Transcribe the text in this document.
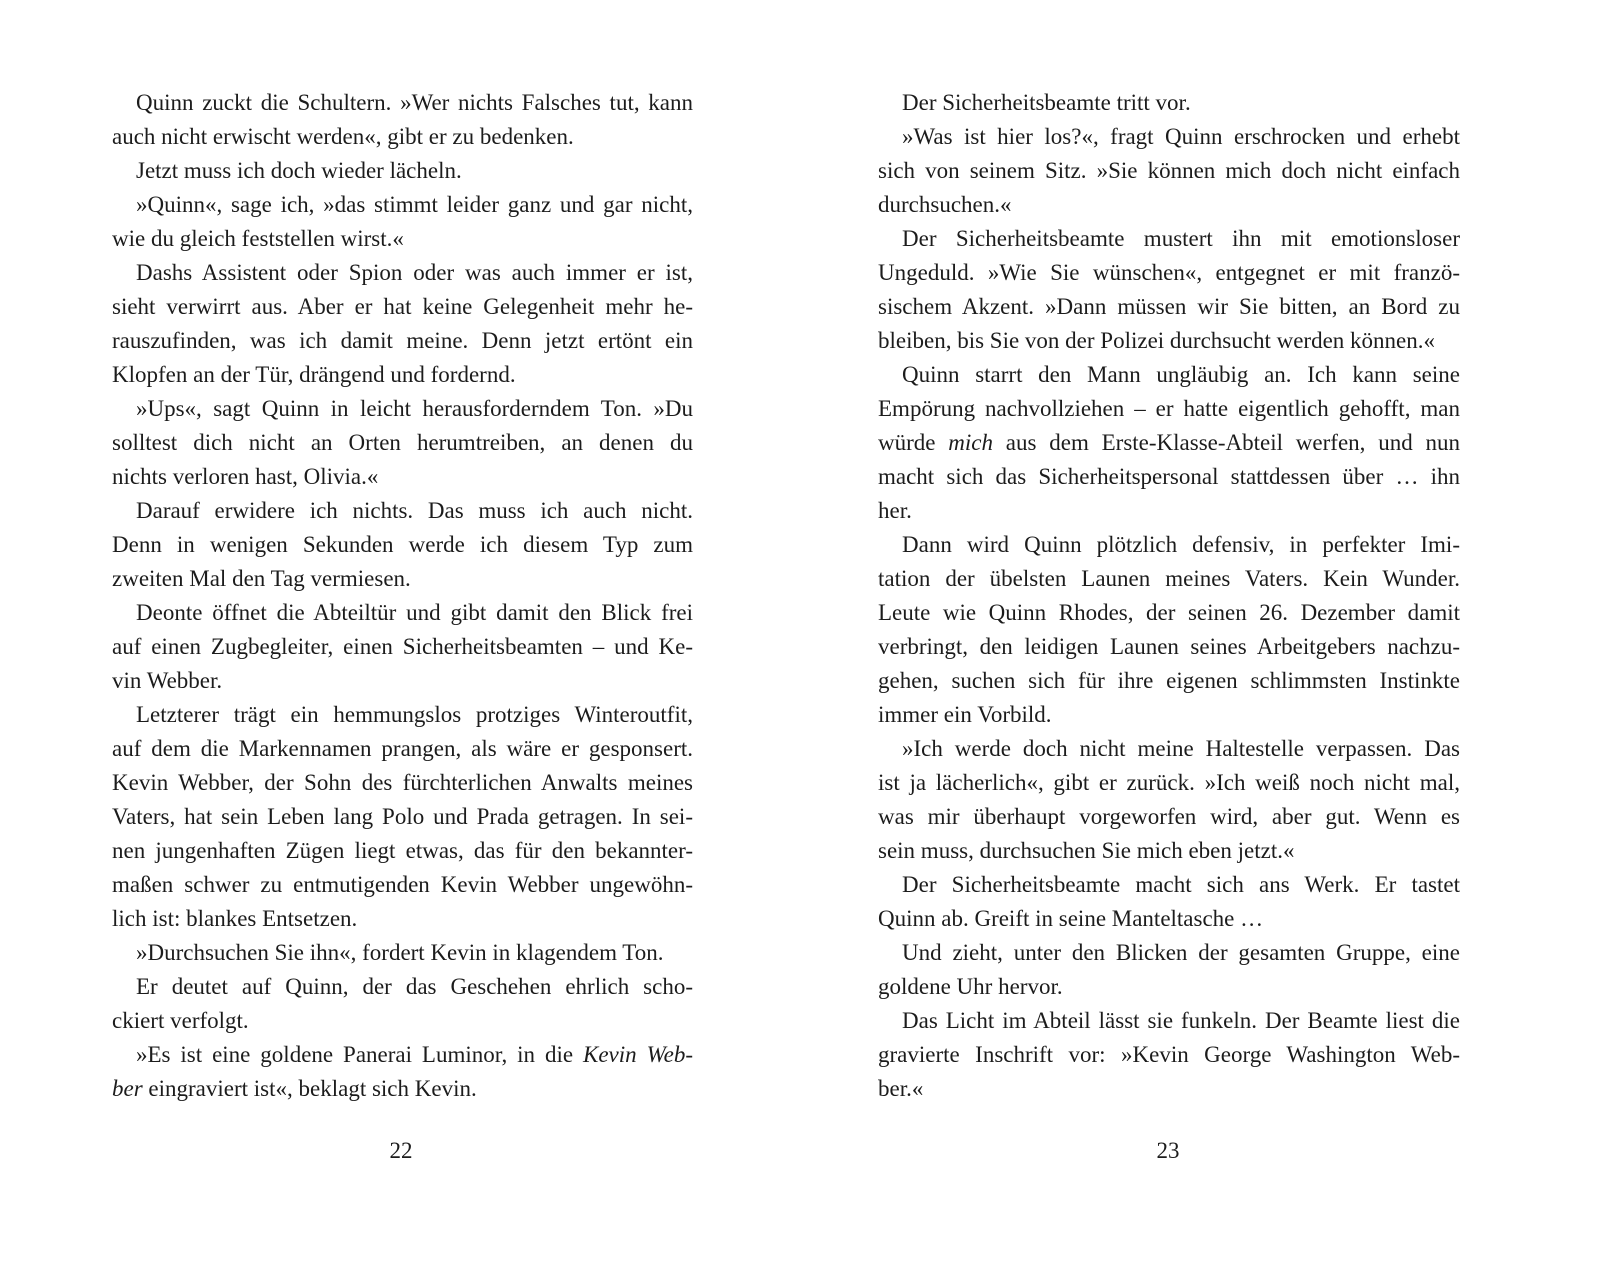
Quinn zuckt die Schultern. »Wer nichts Falsches tut, kann
auch nicht erwischt werden«, gibt er zu bedenken.
Jetzt muss ich doch wieder lächeln.
»Quinn«, sage ich, »das stimmt leider ganz und gar nicht,
wie du gleich feststellen wirst.«
Dashs Assistent oder Spion oder was auch immer er ist,
sieht verwirrt aus. Aber er hat keine Gelegenheit mehr he-
rauszufinden, was ich damit meine. Denn jetzt ertönt ein
Klopfen an der Tür, drängend und fordernd.
»Ups«, sagt Quinn in leicht herausforderndem Ton. »Du
solltest dich nicht an Orten herumtreiben, an denen du
nichts verloren hast, Olivia.«
Darauf erwidere ich nichts. Das muss ich auch nicht.
Denn in wenigen Sekunden werde ich diesem Typ zum
zweiten Mal den Tag vermiesen.
Deonte öffnet die Abteiltür und gibt damit den Blick frei
auf einen Zugbegleiter, einen Sicherheitsbeamten – und Ke-
vin Webber.
Letzterer trägt ein hemmungslos protziges Winteroutfit,
auf dem die Markennamen prangen, als wäre er gesponsert.
Kevin Webber, der Sohn des fürchterlichen Anwalts meines
Vaters, hat sein Leben lang Polo und Prada getragen. In sei-
nen jungenhaften Zügen liegt etwas, das für den bekannter-
maßen schwer zu entmutigenden Kevin Webber ungewöhn-
lich ist: blankes Entsetzen.
»Durchsuchen Sie ihn«, fordert Kevin in klagendem Ton.
Er deutet auf Quinn, der das Geschehen ehrlich scho-
ckiert verfolgt.
»Es ist eine goldene Panerai Luminor, in die Kevin Web-
ber eingraviert ist«, beklagt sich Kevin.
22
Der Sicherheitsbeamte tritt vor.
»Was ist hier los?«, fragt Quinn erschrocken und erhebt
sich von seinem Sitz. »Sie können mich doch nicht einfach
durchsuchen.«
Der Sicherheitsbeamte mustert ihn mit emotionsloser
Ungeduld. »Wie Sie wünschen«, entgegnet er mit franzö-
sischem Akzent. »Dann müssen wir Sie bitten, an Bord zu
bleiben, bis Sie von der Polizei durchsucht werden können.«
Quinn starrt den Mann ungläubig an. Ich kann seine
Empörung nachvollziehen – er hatte eigentlich gehofft, man
würde mich aus dem Erste-Klasse-Abteil werfen, und nun
macht sich das Sicherheitspersonal stattdessen über … ihn
her.
Dann wird Quinn plötzlich defensiv, in perfekter Imi-
tation der übelsten Launen meines Vaters. Kein Wunder.
Leute wie Quinn Rhodes, der seinen 26. Dezember damit
verbringt, den leidigen Launen seines Arbeitgebers nachzu-
gehen, suchen sich für ihre eigenen schlimmsten Instinkte
immer ein Vorbild.
»Ich werde doch nicht meine Haltestelle verpassen. Das
ist ja lächerlich«, gibt er zurück. »Ich weiß noch nicht mal,
was mir überhaupt vorgeworfen wird, aber gut. Wenn es
sein muss, durchsuchen Sie mich eben jetzt.«
Der Sicherheitsbeamte macht sich ans Werk. Er tastet
Quinn ab. Greift in seine Manteltasche …
Und zieht, unter den Blicken der gesamten Gruppe, eine
goldene Uhr hervor.
Das Licht im Abteil lässt sie funkeln. Der Beamte liest die
gravierte Inschrift vor: »Kevin George Washington Web-
ber.«
23
